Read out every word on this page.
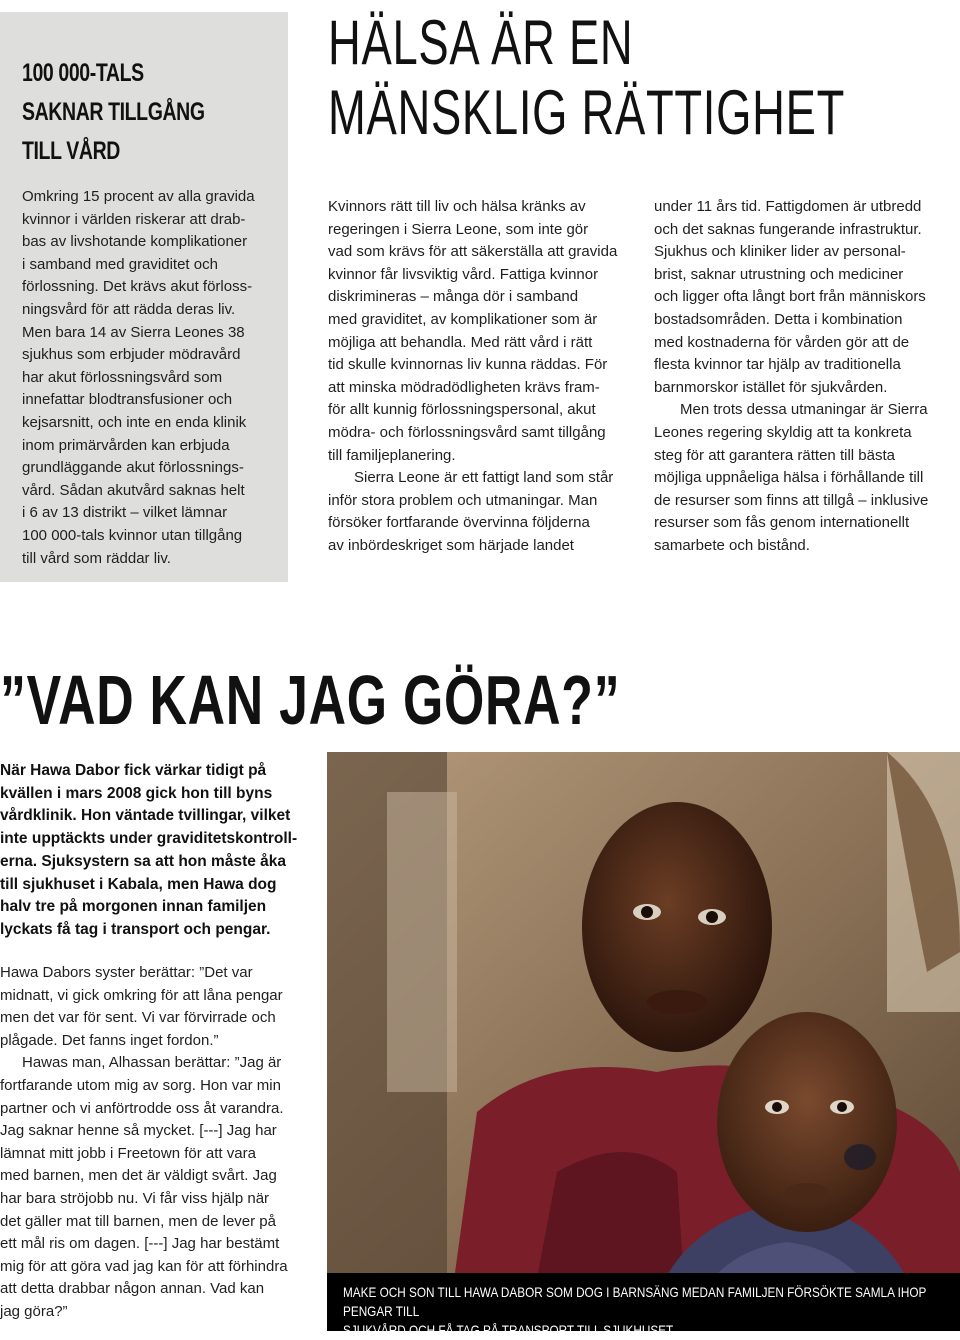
100 000-TALS
SAKNAR TILLGÅNG
TILL VÅRD

Omkring 15 procent av alla gravida

kvinnor i världen riskerar att drab-

bas av livshotande komplikationer

i samband med graviditet och

förlossning. Det krävs akut förloss-

ningsvård för att rädda deras liv.

Men bara 14 av Sierra Leones 38

sjukhus som erbjuder mödravård

har akut förlossningsvård som

innefattar blodtransfusioner och

kejsarsnitt, och inte en enda klinik

inom primärvården kan erbjuda

grundläggande akut förlossnings-

vård. Sådan akutvård saknas helt

i 6 av 13 distrikt – vilket lämnar

100 000-tals kvinnor utan tillgång

till vård som räddar liv.

HÄLSA ÄR EN
MÄNSKLIG RÄTTIGHET

Kvinnors rätt till liv och hälsa kränks av

regeringen i Sierra Leone, som inte gör

vad som krävs för att säkerställa att gravida

kvinnor får livsviktig vård. Fattiga kvinnor

diskrimineras – många dör i samband

med graviditet, av komplikationer som är

möjliga att behandla. Med rätt vård i rätt

tid skulle kvinnornas liv kunna räddas. För

att minska mödradödligheten krävs fram-

för allt kunnig förlossningspersonal, akut

mödra- och förlossningsvård samt tillgång

till familjeplanering.

Sierra Leone är ett fattigt land som står

inför stora problem och utmaningar. Man

försöker fortfarande övervinna följderna

av inbördeskriget som härjade landet

under 11 års tid. Fattigdomen är utbredd

och det saknas fungerande infrastruktur.

Sjukhus och kliniker lider av personal-

brist, saknar utrustning och mediciner

och ligger ofta långt bort från människors

bostadsområden. Detta i kombination

med kostnaderna för vården gör att de

flesta kvinnor tar hjälp av traditionella

barnmorskor istället för sjukvården.

Men trots dessa utmaningar är Sierra

Leones regering skyldig att ta konkreta

steg för att garantera rätten till bästa

möjliga uppnåeliga hälsa i förhållande till

de resurser som finns att tillgå – inklusive

resurser som fås genom internationellt

samarbete och bistånd.

”VAD KAN JAG GÖRA?”

När Hawa Dabor fick värkar tidigt på

kvällen i mars 2008 gick hon till byns

vårdklinik. Hon väntade tvillingar, vilket

inte upptäckts under graviditetskontroll-

erna. Sjuksystern sa att hon måste åka

till sjukhuset i Kabala, men Hawa dog

halv tre på morgonen innan familjen

lyckats få tag i transport och pengar.

Hawa Dabors syster berättar: ”Det var

midnatt, vi gick omkring för att låna pengar

men det var för sent. Vi var förvirrade och

plågade. Det fanns inget fordon.”

Hawas man, Alhassan berättar: ”Jag är

fortfarande utom mig av sorg. Hon var min

partner och vi anförtrodde oss åt varandra.

Jag saknar henne så mycket. [---] Jag har

lämnat mitt jobb i Freetown för att vara

med barnen, men det är väldigt svårt. Jag

har bara ströjobb nu. Vi får viss hjälp när

det gäller mat till barnen, men de lever på

ett mål ris om dagen. [---] Jag har bestämt

mig för att göra vad jag kan för att förhindra

att detta drabbar någon annan. Vad kan

jag göra?”

MAKE OCH SON TILL HAWA DABOR SOM DOG I BARNSÄNG MEDAN FAMILJEN FÖRSÖKTE SAMLA IHOP PENGAR TILL
SJUKVÅRD OCH FÅ TAG PÅ TRANSPORT TILL SJUKHUSET.
